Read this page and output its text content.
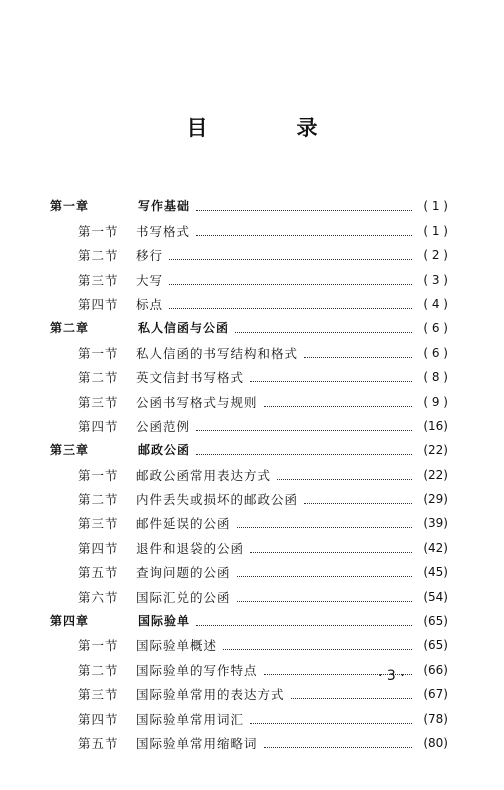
目　录
第一章	写作基础	( 1 )
第一节	书写格式	( 1 )
第二节	移行	( 2 )
第三节	大写	( 3 )
第四节	标点	( 4 )
第二章	私人信函与公函	( 6 )
第一节	私人信函的书写结构和格式	( 6 )
第二节	英文信封书写格式	( 8 )
第三节	公函书写格式与规则	( 9 )
第四节	公函范例	(16)
第三章	邮政公函	(22)
第一节	邮政公函常用表达方式	(22)
第二节	内件丢失或损坏的邮政公函	(29)
第三节	邮件延误的公函	(39)
第四节	退件和退袋的公函	(42)
第五节	查询问题的公函	(45)
第六节	国际汇兑的公函	(54)
第四章	国际验单	(65)
第一节	国际验单概述	(65)
第二节	国际验单的写作特点	(66)
第三节	国际验单常用的表达方式	(67)
第四节	国际验单常用词汇	(78)
第五节	国际验单常用缩略词	(80)
· 3 ·
